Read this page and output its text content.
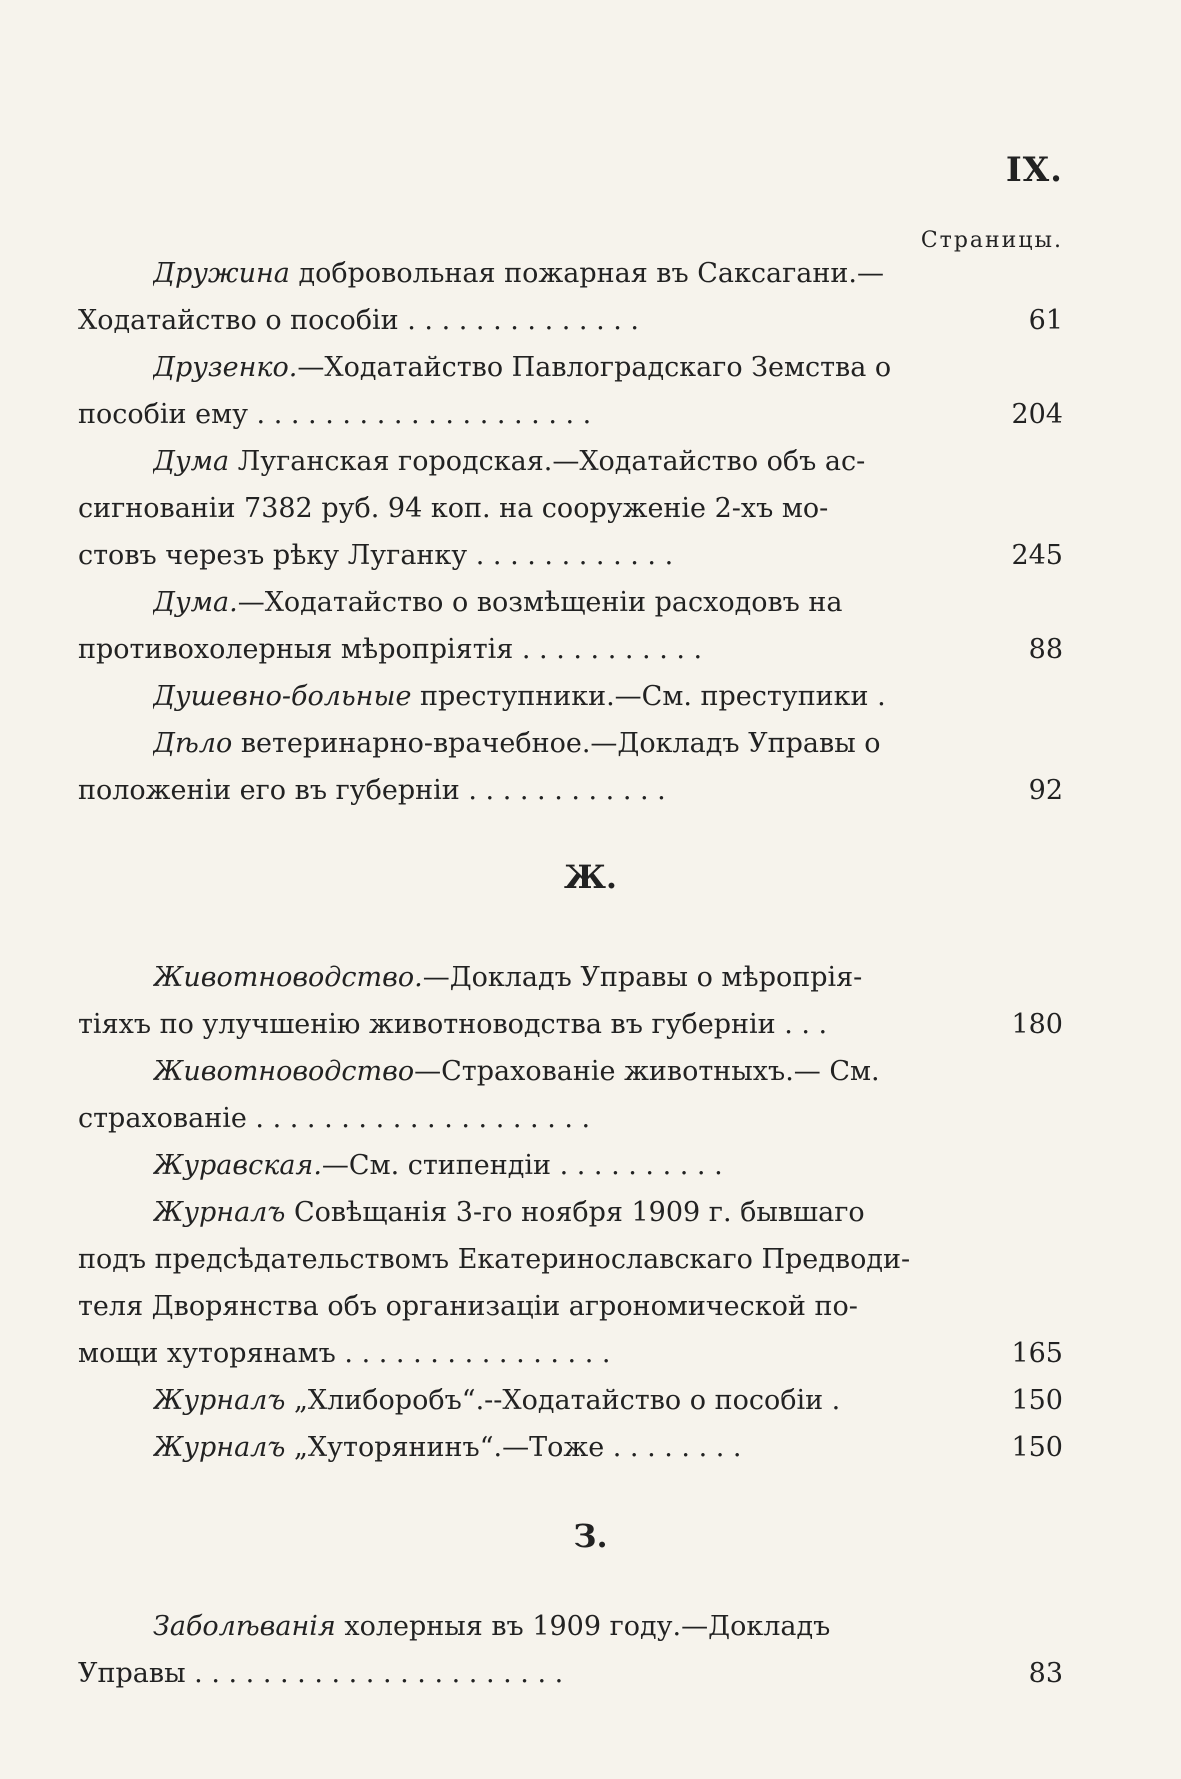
IX.
Страницы.
Дружина добровольная пожарная въ Саксагани.—
Ходатайство о пособіи . . . . . . . . . . . . . .	61
Друзенко.—Ходатайство Павлоградскаго Земства о
пособіи ему . . . . . . . . . . . . . . . . . . . .	204
Дума Луганская городская.—Ходатайство объ ас-
сигнованіи 7382 руб. 94 коп. на сооруженіе 2-хъ мо-
стовъ черезъ рѣку Луганку . . . . . . . . . . . .	245
Дума.—Ходатайство о возмѣщеніи расходовъ на
противохолерныя мѣропріятія . . . . . . . . . . .	88
Душевно-больные преступники.—См. преступики .
Дѣло ветеринарно-врачебное.—Докладъ Управы о
положеніи его въ губерніи . . . . . . . . . . . .	92
Ж.
Животноводство.—Докладъ Управы о мѣропрія-
тіяхъ по улучшенію животноводства въ губерніи . . .	180
Животноводство—Страхованіе животныхъ.— См.
страхованіе . . . . . . . . . . . . . . . . . . . .
Журавская.—См. стипендіи . . . . . . . . . .
Журналъ Совѣщанія 3-го ноября 1909 г. бывшаго
подъ предсѣдательствомъ Екатеринославскаго Предводи-
теля Дворянства объ организаціи агрономической по-
мощи хуторянамъ . . . . . . . . . . . . . . . .	165
Журналъ „Хлиборобъ“.--Ходатайство о пособіи .	150
Журналъ „Хуторянинъ“.—Тоже . . . . . . . .	150
З.
Заболѣванія холерныя въ 1909 году.—Докладъ
Управы . . . . . . . . . . . . . . . . . . . . . .	83
